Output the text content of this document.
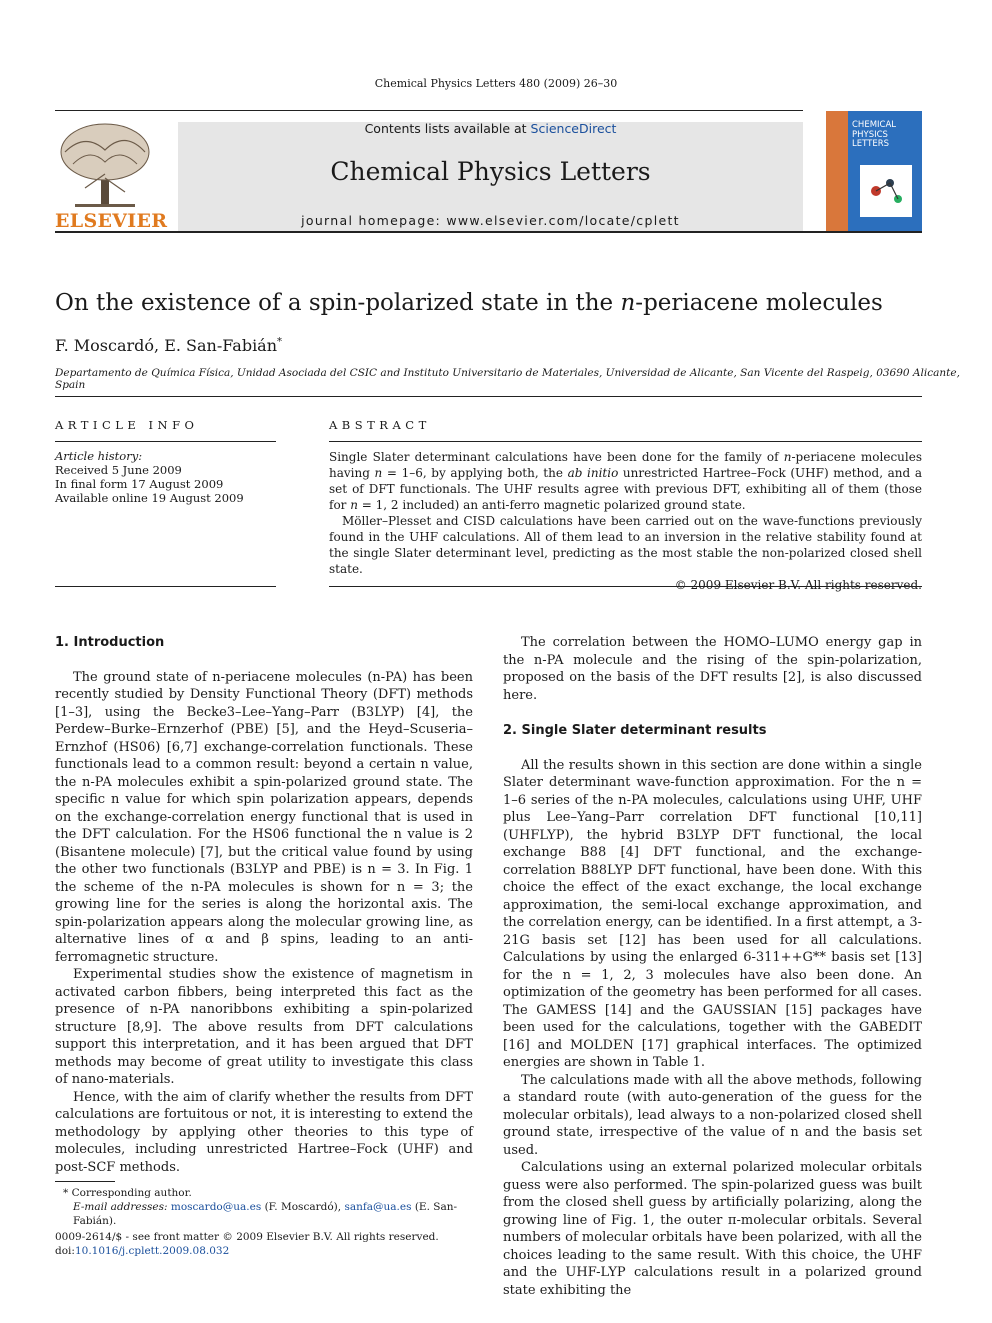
Chemical Physics Letters 480 (2009) 26–30
ELSEVIER
Contents lists available at ScienceDirect
Chemical Physics Letters
journal homepage: www.elsevier.com/locate/cplett
CHEMICAL
PHYSICS
LETTERS
On the existence of a spin-polarized state in the n-periacene molecules
F. Moscardó, E. San-Fabián*
Departamento de Química Física, Unidad Asociada del CSIC and Instituto Universitario de Materiales, Universidad de Alicante, San Vicente del Raspeig, 03690 Alicante, Spain
ARTICLE INFO
Article history:
Received 5 June 2009
In final form 17 August 2009
Available online 19 August 2009
ABSTRACT

Single Slater determinant calculations have been done for the family of n-periacene molecules having n = 1–6, by applying both, the ab initio unrestricted Hartree–Fock (UHF) method, and a set of DFT functionals. The UHF results agree with previous DFT, exhibiting all of them (those for n = 1, 2 included) an anti-ferro magnetic polarized ground state.

Möller–Plesset and CISD calculations have been carried out on the wave-functions previously found in the UHF calculations. All of them lead to an inversion in the relative stability found at the single Slater determinant level, predicting as the most stable the non-polarized closed shell state.

© 2009 Elsevier B.V. All rights reserved.
1. Introduction

The ground state of n-periacene molecules (n-PA) has been recently studied by Density Functional Theory (DFT) methods [1–3], using the Becke3–Lee–Yang–Parr (B3LYP) [4], the Perdew–Burke–Ernzerhof (PBE) [5], and the Heyd–Scuseria–Ernzhof (HS06) [6,7] exchange-correlation functionals. These functionals lead to a common result: beyond a certain n value, the n-PA molecules exhibit a spin-polarized ground state. The specific n value for which spin polarization appears, depends on the exchange-correlation energy functional that is used in the DFT calculation. For the HS06 functional the n value is 2 (Bisantene molecule) [7], but the critical value found by using the other two functionals (B3LYP and PBE) is n = 3. In Fig. 1 the scheme of the n-PA molecules is shown for n = 3; the growing line for the series is along the horizontal axis. The spin-polarization appears along the molecular growing line, as alternative lines of α and β spins, leading to an anti-ferromagnetic structure.

Experimental studies show the existence of magnetism in activated carbon fibbers, being interpreted this fact as the presence of n-PA nanoribbons exhibiting a spin-polarized structure [8,9]. The above results from DFT calculations support this interpretation, and it has been argued that DFT methods may become of great utility to investigate this class of nano-materials.

Hence, with the aim of clarify whether the results from DFT calculations are fortuitous or not, it is interesting to extend the methodology by applying other theories to this type of molecules, including unrestricted Hartree–Fock (UHF) and post-SCF methods.

* Corresponding author.
E-mail addresses: moscardo@ua.es (F. Moscardó), sanfa@ua.es (E. San-Fabián).
0009-2614/$ - see front matter © 2009 Elsevier B.V. All rights reserved.
doi:10.1016/j.cplett.2009.08.032

The correlation between the HOMO–LUMO energy gap in the n-PA molecule and the rising of the spin-polarization, proposed on the basis of the DFT results [2], is also discussed here.

2. Single Slater determinant results

All the results shown in this section are done within a single Slater determinant wave-function approximation. For the n = 1–6 series of the n-PA molecules, calculations using UHF, UHF plus Lee–Yang–Parr correlation DFT functional [10,11] (UHFLYP), the hybrid B3LYP DFT functional, the local exchange B88 [4] DFT functional, and the exchange-correlation B88LYP DFT functional, have been done. With this choice the effect of the exact exchange, the local exchange approximation, the semi-local exchange approximation, and the correlation energy, can be identified. In a first attempt, a 3-21G basis set [12] has been used for all calculations. Calculations by using the enlarged 6-311++G** basis set [13] for the n = 1, 2, 3 molecules have also been done. An optimization of the geometry has been performed for all cases. The GAMESS [14] and the GAUSSIAN [15] packages have been used for the calculations, together with the GABEDIT [16] and MOLDEN [17] graphical interfaces. The optimized energies are shown in Table 1.

The calculations made with all the above methods, following a standard route (with auto-generation of the guess for the molecular orbitals), lead always to a non-polarized closed shell ground state, irrespective of the value of n and the basis set used.

Calculations using an external polarized molecular orbitals guess were also performed. The spin-polarized guess was built from the closed shell guess by artificially polarizing, along the growing line of Fig. 1, the outer π-molecular orbitals. Several numbers of molecular orbitals have been polarized, with all the choices leading to the same result. With this choice, the UHF and the UHF-LYP calculations result in a polarized ground state exhibiting the
